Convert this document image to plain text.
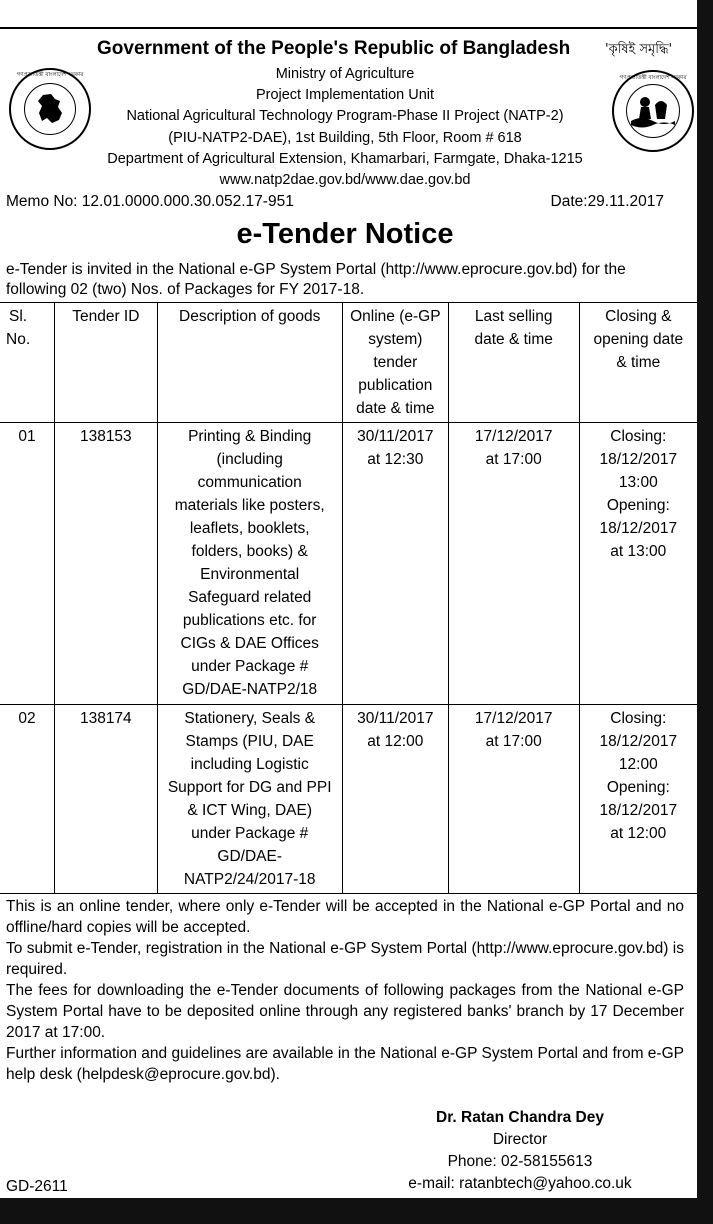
গণপ্রজাতন্ত্রী বাংলাদেশ সরকার	গণপ্রজাতন্ত্রী বাংলাদেশ সরকার
Government of the People's Republic of Bangladesh	'কৃষিই সমৃদ্ধি'
Ministry of Agriculture
Project Implementation Unit
National Agricultural Technology Program-Phase II Project (NATP-2)
(PIU-NATP2-DAE), 1st Building, 5th Floor, Room # 618
Department of Agricultural Extension, Khamarbari, Farmgate, Dhaka-1215
www.natp2dae.gov.bd/www.dae.gov.bd
Memo No: 12.01.0000.000.30.052.17-951	Date:29.11.2017
e-Tender Notice
e-Tender is invited in the National e-GP System Portal (http://www.eprocure.gov.bd) for the following 02 (two) Nos. of Packages for FY 2017-18.
Sl. No.	Tender ID	Description of goods	Online (e-GP system) tender publication date & time	Last selling date & time	Closing & opening date & time
01	138153	Printing & Binding (including communication materials like posters, leaflets, booklets, folders, books) & Environmental Safeguard related publications etc. for CIGs & DAE Offices under Package # GD/DAE-NATP2/18	30/11/2017 at 12:30	17/12/2017 at 17:00	Closing: 18/12/2017 13:00 Opening: 18/12/2017 at 13:00
02	138174	Stationery, Seals & Stamps (PIU, DAE including Logistic Support for DG and PPI & ICT Wing, DAE) under Package # GD/DAE-NATP2/24/2017-18	30/11/2017 at 12:00	17/12/2017 at 17:00	Closing: 18/12/2017 12:00 Opening: 18/12/2017 at 12:00

This is an online tender, where only e-Tender will be accepted in the National e-GP Portal and no offline/hard copies will be accepted.

To submit e-Tender, registration in the National e-GP System Portal (http://www.eprocure.gov.bd) is required.

The fees for downloading the e-Tender documents of following packages from the National e-GP System Portal have to be deposited online through any registered banks' branch by 17 December 2017 at 17:00.

Further information and guidelines are available in the National e-GP System Portal and from e-GP help desk (helpdesk@eprocure.gov.bd).

Dr. Ratan Chandra Dey
Director
Phone: 02-58155613
e-mail: ratanbtech@yahoo.co.uk
GD-2611
